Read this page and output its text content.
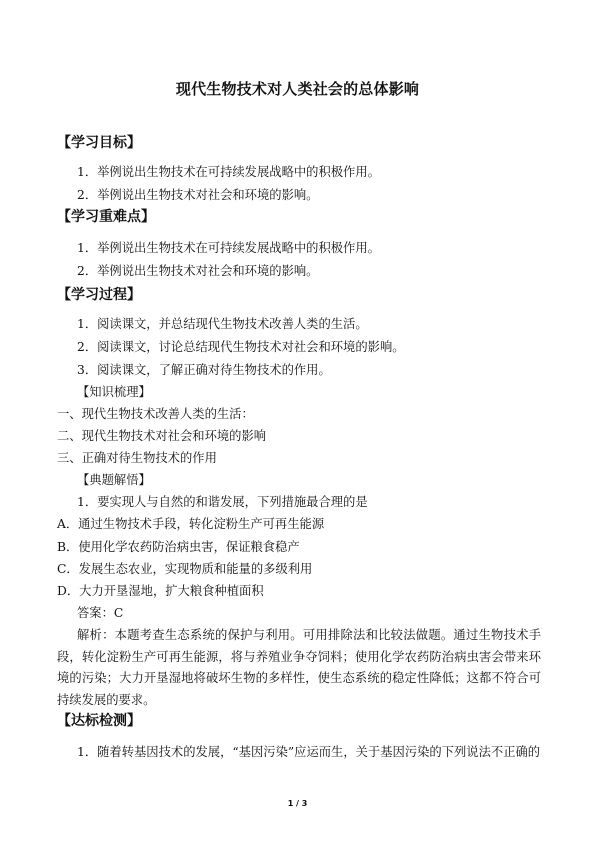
现代生物技术对人类社会的总体影响
【学习目标】
1．举例说出生物技术在可持续发展战略中的积极作用。
2．举例说出生物技术对社会和环境的影响。
【学习重难点】
1．举例说出生物技术在可持续发展战略中的积极作用。
2．举例说出生物技术对社会和环境的影响。
【学习过程】
1．阅读课文，并总结现代生物技术改善人类的生活。
2．阅读课文，讨论总结现代生物技术对社会和环境的影响。
3．阅读课文，了解正确对待生物技术的作用。
【知识梳理】
一、现代生物技术改善人类的生活：
二、现代生物技术对社会和环境的影响
三、正确对待生物技术的作用
【典题解悟】
1．要实现人与自然的和谐发展，下列措施最合理的是
A．通过生物技术手段，转化淀粉生产可再生能源
B．使用化学农药防治病虫害，保证粮食稳产
C．发展生态农业，实现物质和能量的多级利用
D．大力开垦湿地，扩大粮食种植面积
答案：C
解析：本题考查生态系统的保护与利用。可用排除法和比较法做题。通过生物技术手段，转化淀粉生产可再生能源，将与养殖业争夺饲料；使用化学农药防治病虫害会带来环境的污染；大力开垦湿地将破坏生物的多样性，使生态系统的稳定性降低；这都不符合可持续发展的要求。
【达标检测】
1．随着转基因技术的发展，“基因污染”应运而生，关于基因污染的下列说法不正确的
1 / 3
